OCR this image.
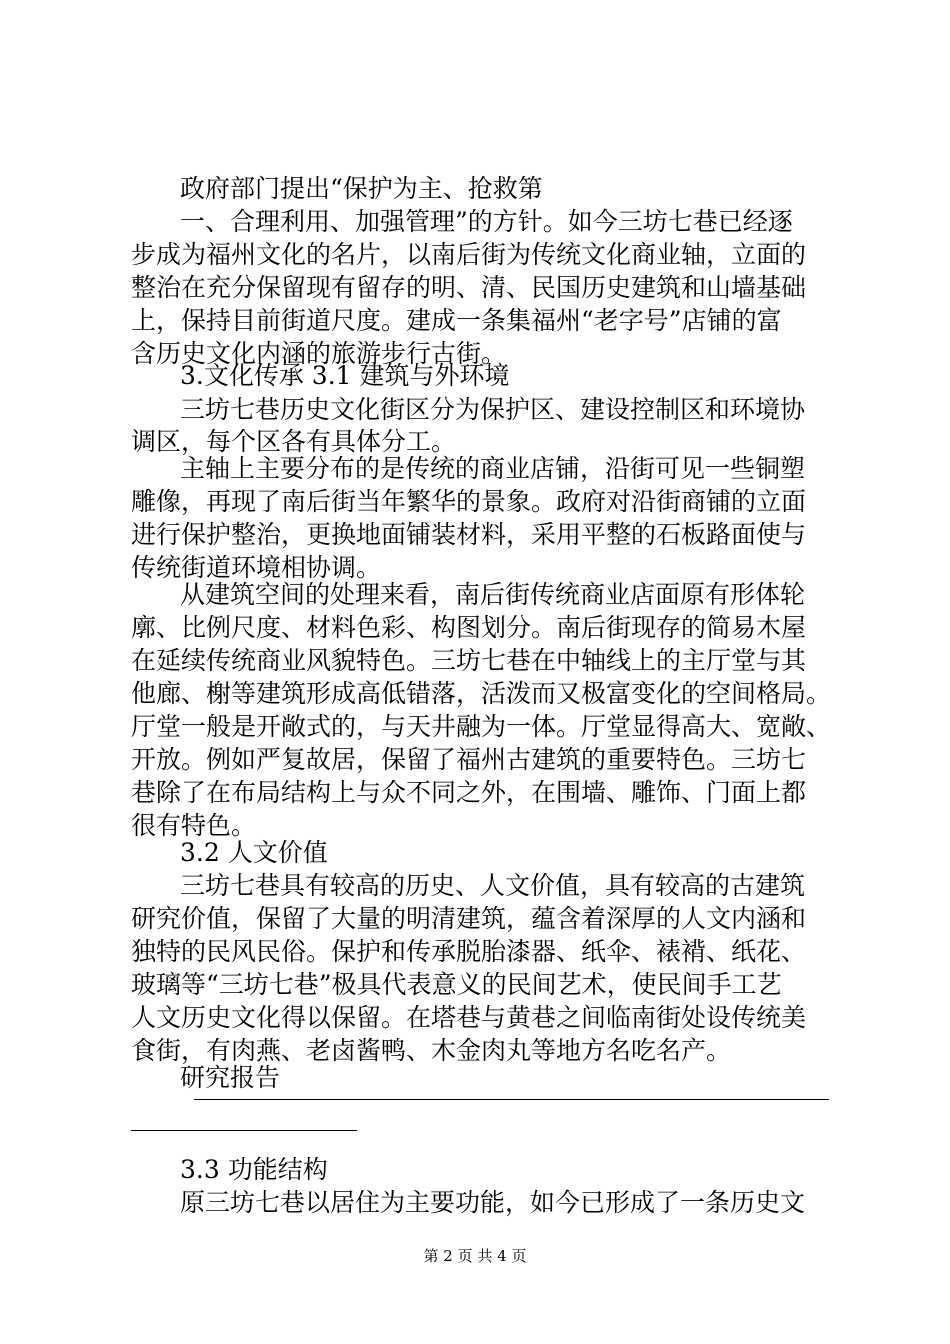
政府部门提出“保护为主、抢救第

一、合理利用、加强管理”的方针。如今三坊七巷已经逐

步成为福州文化的名片，以南后街为传统文化商业轴，立面的

整治在充分保留现有留存的明、清、民国历史建筑和山墙基础

上，保持目前街道尺度。建成一条集福州“老字号”店铺的富

含历史文化内涵的旅游步行古街。

3.文化传承 3.1 建筑与外环境

三坊七巷历史文化街区分为保护区、建设控制区和环境协

调区，每个区各有具体分工。

主轴上主要分布的是传统的商业店铺，沿街可见一些铜塑

雕像，再现了南后街当年繁华的景象。政府对沿街商铺的立面

进行保护整治，更换地面铺装材料，采用平整的石板路面使与

传统街道环境相协调。

从建筑空间的处理来看，南后街传统商业店面原有形体轮

廓、比例尺度、材料色彩、构图划分。南后街现存的简易木屋

在延续传统商业风貌特色。三坊七巷在中轴线上的主厅堂与其

他廊、榭等建筑形成高低错落，活泼而又极富变化的空间格局。

厅堂一般是开敞式的，与天井融为一体。厅堂显得高大、宽敞、

开放。例如严复故居，保留了福州古建筑的重要特色。三坊七

巷除了在布局结构上与众不同之外，在围墙、雕饰、门面上都

很有特色。

3.2 人文价值

三坊七巷具有较高的历史、人文价值，具有较高的古建筑

研究价值，保留了大量的明清建筑，蕴含着深厚的人文内涵和

独特的民风民俗。保护和传承脱胎漆器、纸伞、裱褙、纸花、

玻璃等“三坊七巷”极具代表意义的民间艺术，使民间手工艺

人文历史文化得以保留。在塔巷与黄巷之间临南街处设传统美

食街，有肉燕、老卤酱鸭、木金肉丸等地方名吃名产。

研究报告

3.3 功能结构

原三坊七巷以居住为主要功能，如今已形成了一条历史文

第 2 页 共 4 页
